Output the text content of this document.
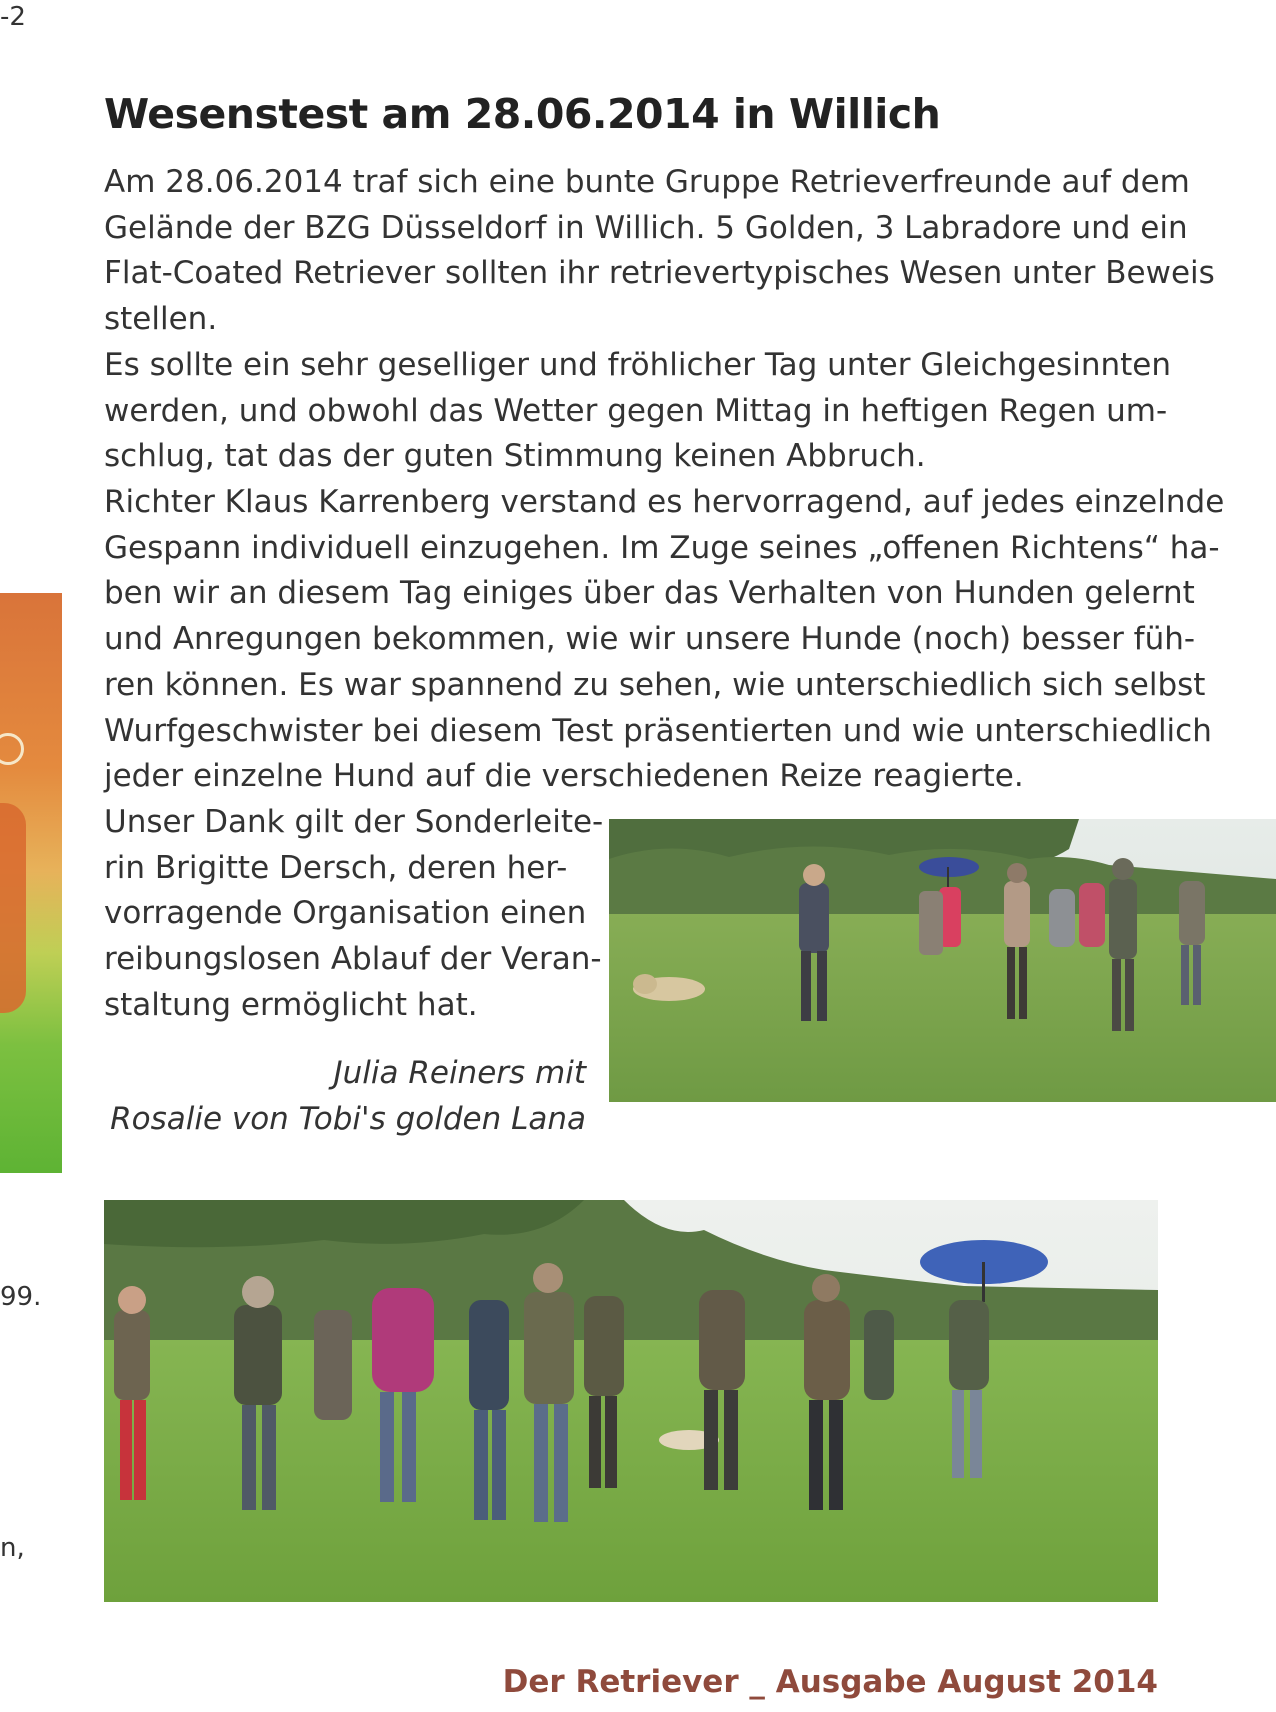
-2
99.
n,
Wesenstest am 28.06.2014 in Willich
Am 28.06.2014 traf sich eine bunte Gruppe Retrieverfreunde auf dem
Gelände der BZG Düsseldorf in Willich. 5 Golden, 3 Labradore und ein
Flat-Coated Retriever sollten ihr retrievertypisches Wesen unter Beweis
stellen.
Es sollte ein sehr geselliger und fröhlicher Tag unter Gleichgesinnten
werden, und obwohl das Wetter gegen Mittag in heftigen Regen um-
schlug, tat das der guten Stimmung keinen Abbruch.
Richter Klaus Karrenberg verstand es hervorragend, auf jedes einzelnde
Gespann individuell einzugehen. Im Zuge seines „offenen Richtens“ ha-
ben wir an diesem Tag einiges über das Verhalten von Hunden gelernt
und Anregungen bekommen, wie wir unsere Hunde (noch) besser füh-
ren können. Es war spannend zu sehen, wie unterschiedlich sich selbst
Wurfgeschwister bei diesem Test präsentierten und wie unterschiedlich
jeder einzelne Hund auf die verschiedenen Reize reagierte.
Unser Dank gilt der Sonderleite-
rin Brigitte Dersch, deren her-
vorragende Organisation einen
reibungslosen Ablauf der Veran-
staltung ermöglicht hat.
Julia Reiners mit
Rosalie von Tobi's golden Lana
Der Retriever _ Ausgabe August 2014
